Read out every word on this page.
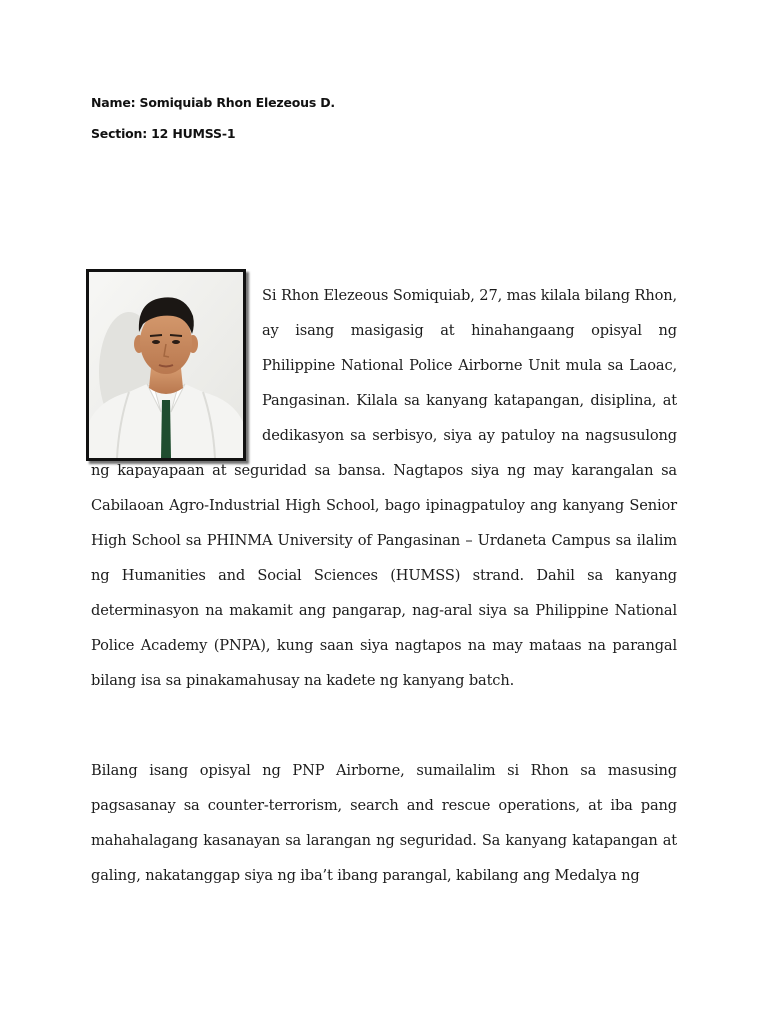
Name: Somiquiab Rhon Elezeous D.
Section: 12 HUMSS-1

Si Rhon Elezeous Somiquiab, 27, mas kilala bilang Rhon, ay isang masigasig at hinahangaang opisyal ng Philippine National Police Airborne Unit mula sa Laoac, Pangasinan. Kilala sa kanyang katapangan, disiplina, at dedikasyon sa serbisyo, siya ay patuloy na nagsusulong ng kapayapaan at seguridad sa bansa. Nagtapos siya ng may karangalan sa Cabilaoan Agro-Industrial High School, bago ipinagpatuloy ang kanyang Senior High School sa PHINMA University of Pangasinan – Urdaneta Campus sa ilalim ng Humanities and Social Sciences (HUMSS) strand. Dahil sa kanyang determinasyon na makamit ang pangarap, nag-aral siya sa Philippine National Police Academy (PNPA), kung saan siya nagtapos na may mataas na parangal bilang isa sa pinakamahusay na kadete ng kanyang batch.

Bilang isang opisyal ng PNP Airborne, sumailalim si Rhon sa masusing pagsasanay sa counter-terrorism, search and rescue operations, at iba pang mahahalagang kasanayan sa larangan ng seguridad. Sa kanyang katapangan at galing, nakatanggap siya ng iba’t ibang parangal, kabilang ang Medalya ng
